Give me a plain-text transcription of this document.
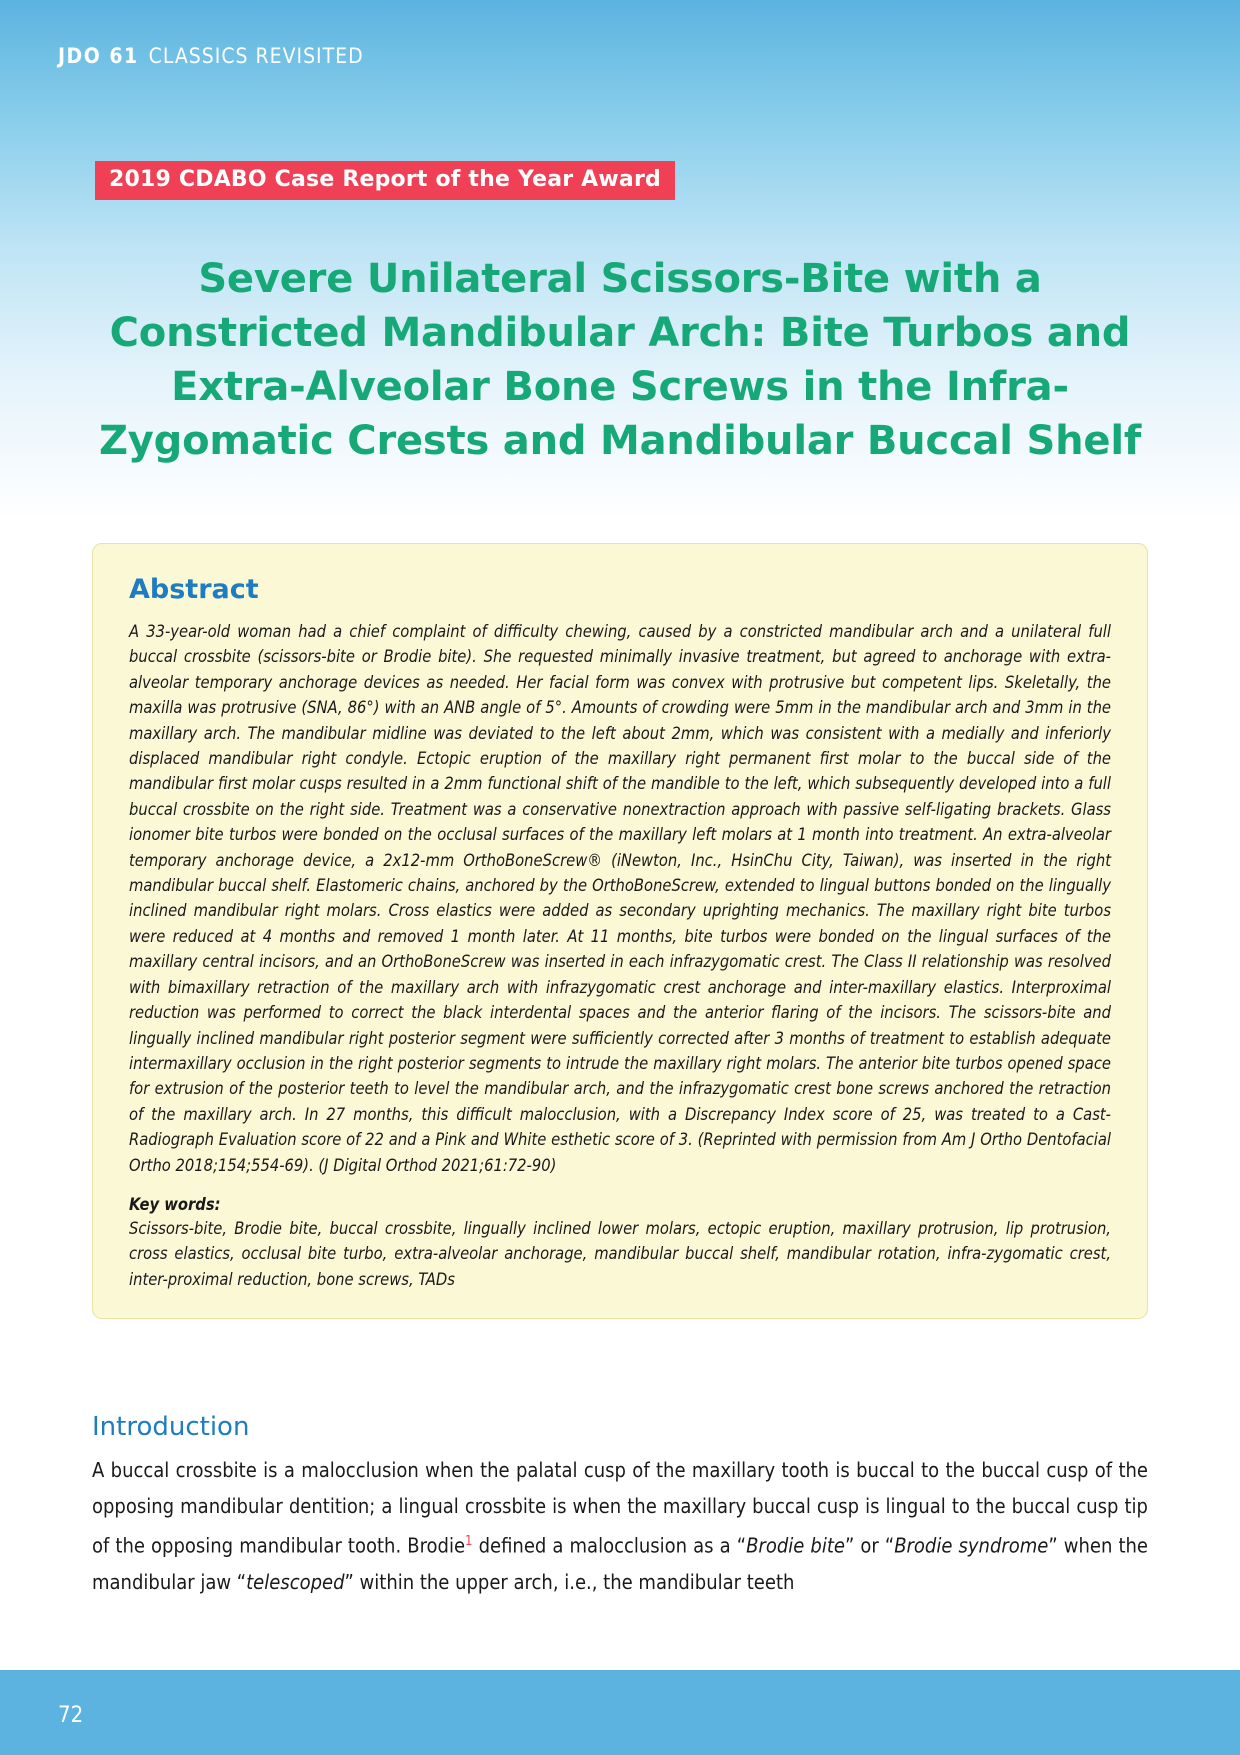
JDO 61 CLASSICS REVISITED
2019 CDABO Case Report of the Year Award
Severe Unilateral Scissors-Bite with a Constricted Mandibular Arch: Bite Turbos and Extra-Alveolar Bone Screws in the Infra-Zygomatic Crests and Mandibular Buccal Shelf
Abstract
A 33-year-old woman had a chief complaint of difficulty chewing, caused by a constricted mandibular arch and a unilateral full buccal crossbite (scissors-bite or Brodie bite). She requested minimally invasive treatment, but agreed to anchorage with extra-alveolar temporary anchorage devices as needed. Her facial form was convex with protrusive but competent lips. Skeletally, the maxilla was protrusive (SNA, 86°) with an ANB angle of 5°. Amounts of crowding were 5mm in the mandibular arch and 3mm in the maxillary arch. The mandibular midline was deviated to the left about 2mm, which was consistent with a medially and inferiorly displaced mandibular right condyle. Ectopic eruption of the maxillary right permanent first molar to the buccal side of the mandibular first molar cusps resulted in a 2mm functional shift of the mandible to the left, which subsequently developed into a full buccal crossbite on the right side. Treatment was a conservative nonextraction approach with passive self-ligating brackets. Glass ionomer bite turbos were bonded on the occlusal surfaces of the maxillary left molars at 1 month into treatment. An extra-alveolar temporary anchorage device, a 2x12-mm OrthoBoneScrew® (iNewton, Inc., HsinChu City, Taiwan), was inserted in the right mandibular buccal shelf. Elastomeric chains, anchored by the OrthoBoneScrew, extended to lingual buttons bonded on the lingually inclined mandibular right molars. Cross elastics were added as secondary uprighting mechanics. The maxillary right bite turbos were reduced at 4 months and removed 1 month later. At 11 months, bite turbos were bonded on the lingual surfaces of the maxillary central incisors, and an OrthoBoneScrew was inserted in each infrazygomatic crest. The Class II relationship was resolved with bimaxillary retraction of the maxillary arch with infrazygomatic crest anchorage and inter-maxillary elastics. Interproximal reduction was performed to correct the black interdental spaces and the anterior flaring of the incisors. The scissors-bite and lingually inclined mandibular right posterior segment were sufficiently corrected after 3 months of treatment to establish adequate intermaxillary occlusion in the right posterior segments to intrude the maxillary right molars. The anterior bite turbos opened space for extrusion of the posterior teeth to level the mandibular arch, and the infrazygomatic crest bone screws anchored the retraction of the maxillary arch. In 27 months, this difficult malocclusion, with a Discrepancy Index score of 25, was treated to a Cast-Radiograph Evaluation score of 22 and a Pink and White esthetic score of 3. (Reprinted with permission from Am J Ortho Dentofacial Ortho 2018;154;554-69). (J Digital Orthod 2021;61:72-90)
Key words:
Scissors-bite, Brodie bite, buccal crossbite, lingually inclined lower molars, ectopic eruption, maxillary protrusion, lip protrusion, cross elastics, occlusal bite turbo, extra-alveolar anchorage, mandibular buccal shelf, mandibular rotation, infra-zygomatic crest, inter-proximal reduction, bone screws, TADs
Introduction
A buccal crossbite is a malocclusion when the palatal cusp of the maxillary tooth is buccal to the buccal cusp of the opposing mandibular dentition; a lingual crossbite is when the maxillary buccal cusp is lingual to the buccal cusp tip of the opposing mandibular tooth. Brodie$^1$ defined a malocclusion as a “Brodie bite” or “Brodie syndrome” when the mandibular jaw “telescoped” within the upper arch, i.e., the mandibular teeth
72
